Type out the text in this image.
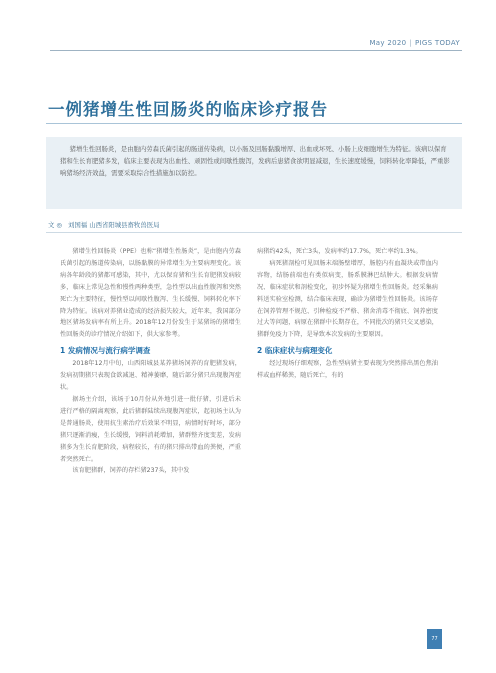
May 2020 | PIGS TODAY
一例猪增生性回肠炎的临床诊疗报告
猪增生性回肠炎，是由胞内劳森氏菌引起的肠道传染病，以小肠及回肠黏膜增厚、出血或坏死、小肠上皮细胞增生为特征。该病以保育猪和生长育肥猪多发，临床主要表现为出血性、顽固性或间歇性腹泻，发病后患猪食欲明显减退，生长速度缓慢，饲料转化率降低，严重影响猪场经济效益，需要采取综合性措施加以防控。
文 ◎ 刘国福 山西省阳城县畜牧兽医局

猪增生性回肠炎（PPE）也称“猪增生性肠炎”，是由胞内劳森氏菌引起的肠道传染病，以肠黏膜的异常增生为主要病理变化。该病各年龄段的猪都可感染，其中，尤以保育猪和生长育肥猪发病较多，临床上常见急性和慢性两种类型，急性型以出血性腹泻和突然死亡为主要特征，慢性型以间歇性腹泻、生长缓慢、饲料转化率下降为特征。该病对养猪业造成的经济损失较大，近年来，我国部分地区猪场发病率有所上升。2018年12月份发生于某猪场的猪增生性回肠炎的诊疗情况介绍如下，供大家参考。

1 发病情况与流行病学调查

2018年12月中旬，山西阳城县某养猪场饲养的育肥猪发病，发病初期猪只表现食欲减退、精神萎靡，随后部分猪只出现腹泻症状。

据场主介绍，该场于10月份从外地引进一批仔猪，引进后未进行严格的隔离观察，此后猪群陆续出现腹泻症状，起初场主认为是普通肠炎，使用抗生素治疗后效果不明显，病情时好时坏，部分猪只逐渐消瘦，生长缓慢，饲料消耗增加，猪群整齐度变差，发病猪多为生长育肥阶段，病程较长，有的猪只排出带血的粪便，严重者突然死亡。

该育肥猪群，饲养的存栏猪237头，其中发

病猪约42头，死亡3头，发病率约17.7%，死亡率约1.3%。

病死猪剖检可见回肠末端肠壁增厚，肠腔内有血凝块或带血内容物，结肠前端也有类似病变，肠系膜淋巴结肿大。根据发病情况、临床症状和剖检变化，初步怀疑为猪增生性回肠炎。经采集病料送实验室检测，结合临床表现，确诊为猪增生性回肠炎。该场存在饲养管理不规范、引种检疫不严格、猪舍消毒不彻底、饲养密度过大等问题，病原在猪群中长期存在，不同批次的猪只交叉感染，猪群免疫力下降，是导致本次发病的主要原因。

2 临床症状与病理变化

经过现场仔细观察，急性型病猪主要表现为突然排出黑色焦油样或血样稀粪，随后死亡，有的

77
